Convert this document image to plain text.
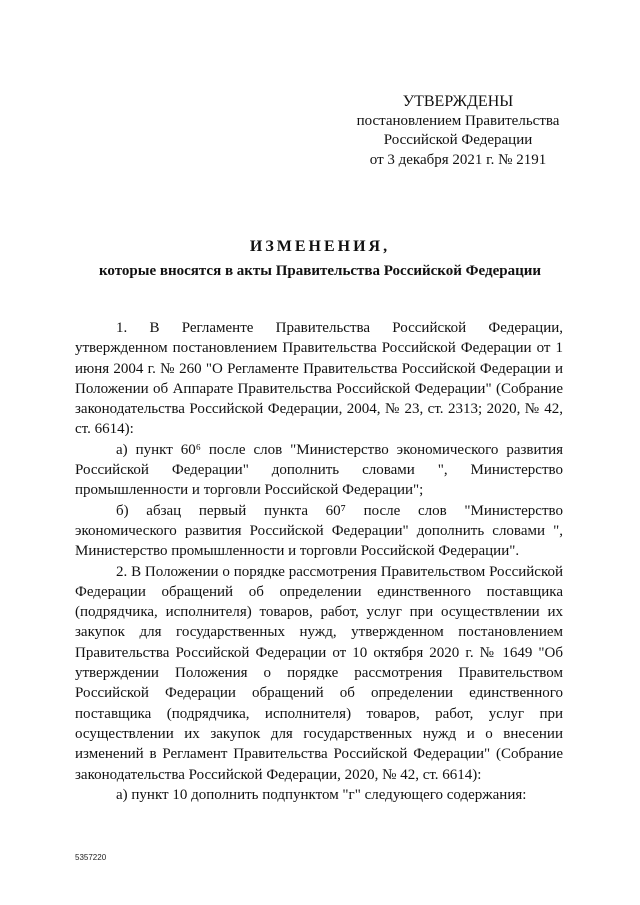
УТВЕРЖДЕНЫ
постановлением Правительства
Российской Федерации
от 3 декабря 2021 г. № 2191
ИЗМЕНЕНИЯ,
которые вносятся в акты Правительства Российской Федерации

1. В Регламенте Правительства Российской Федерации, утвержденном постановлением Правительства Российской Федерации от 1 июня 2004 г. № 260 "О Регламенте Правительства Российской Федерации и Положении об Аппарате Правительства Российской Федерации" (Собрание законодательства Российской Федерации, 2004, № 23, ст. 2313; 2020, № 42, ст. 6614):

а) пункт 60⁶ после слов "Министерство экономического развития Российской Федерации" дополнить словами ", Министерство промышленности и торговли Российской Федерации";

б) абзац первый пункта 60⁷ после слов "Министерство экономического развития Российской Федерации" дополнить словами ", Министерство промышленности и торговли Российской Федерации".

2. В Положении о порядке рассмотрения Правительством Российской Федерации обращений об определении единственного поставщика (подрядчика, исполнителя) товаров, работ, услуг при осуществлении их закупок для государственных нужд, утвержденном постановлением Правительства Российской Федерации от 10 октября 2020 г. № 1649 "Об утверждении Положения о порядке рассмотрения Правительством Российской Федерации обращений об определении единственного поставщика (подрядчика, исполнителя) товаров, работ, услуг при осуществлении их закупок для государственных нужд и о внесении изменений в Регламент Правительства Российской Федерации" (Собрание законодательства Российской Федерации, 2020, № 42, ст. 6614):

а) пункт 10 дополнить подпунктом "г" следующего содержания:

5357220
